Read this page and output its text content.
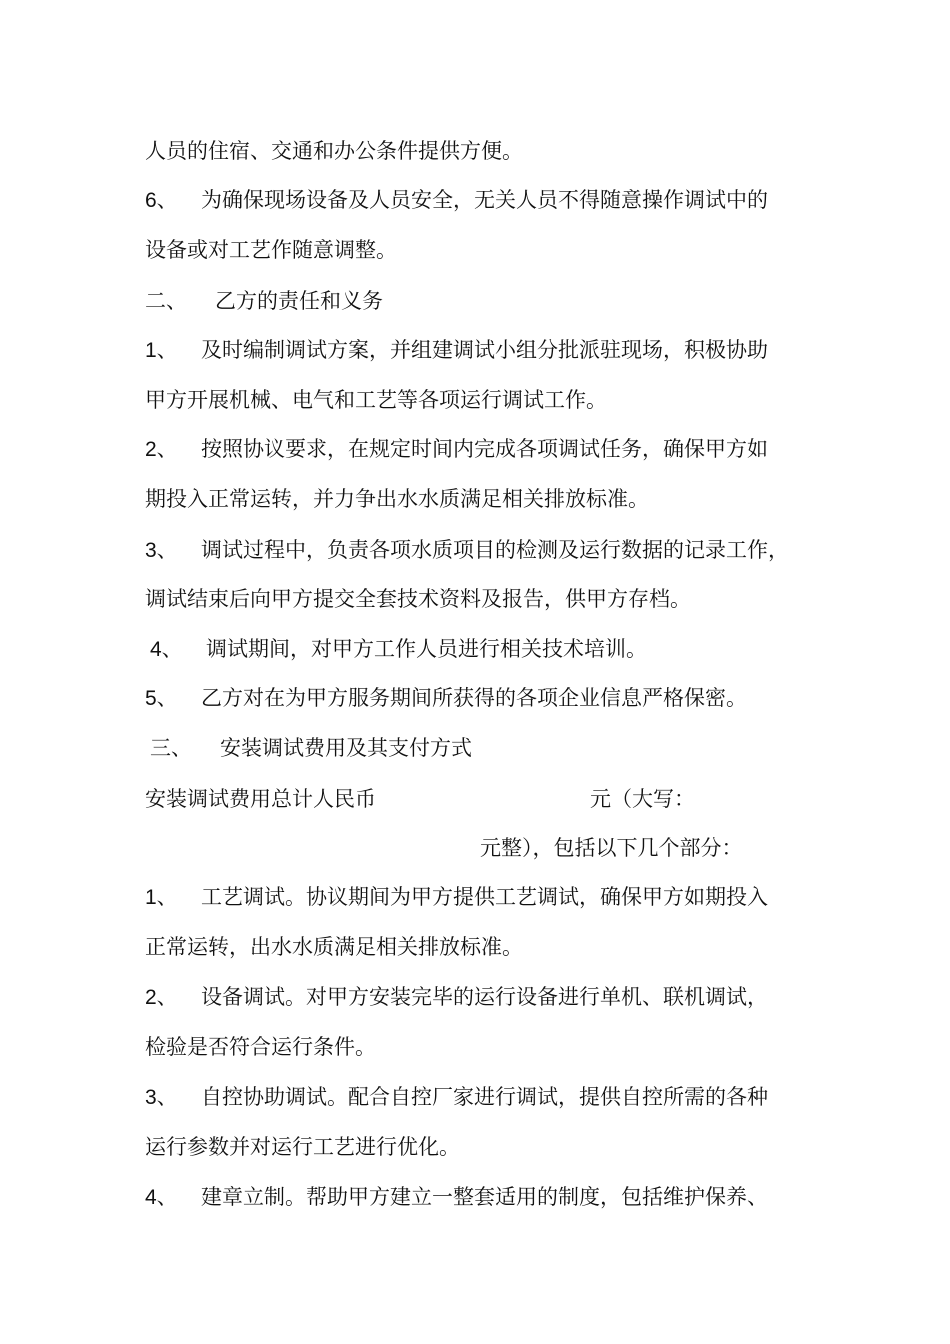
人员的住宿、交通和办公条件提供方便。
6、 为确保现场设备及人员安全，无关人员不得随意操作调试中的
设备或对工艺作随意调整。
二、 乙方的责任和义务
1、 及时编制调试方案，并组建调试小组分批派驻现场，积极协助
甲方开展机械、电气和工艺等各项运行调试工作。
2、 按照协议要求，在规定时间内完成各项调试任务，确保甲方如
期投入正常运转，并力争出水水质满足相关排放标准。
3、 调试过程中，负责各项水质项目的检测及运行数据的记录工作，
调试结束后向甲方提交全套技术资料及报告，供甲方存档。
4、 调试期间，对甲方工作人员进行相关技术培训。
5、 乙方对在为甲方服务期间所获得的各项企业信息严格保密。
三、 安装调试费用及其支付方式
安装调试费用总计人民币	元（大写：
元整），包括以下几个部分：
1、 工艺调试。协议期间为甲方提供工艺调试，确保甲方如期投入
正常运转，出水水质满足相关排放标准。
2、 设备调试。对甲方安装完毕的运行设备进行单机、联机调试，
检验是否符合运行条件。
3、 自控协助调试。配合自控厂家进行调试，提供自控所需的各种
运行参数并对运行工艺进行优化。
4、 建章立制。帮助甲方建立一整套适用的制度，包括维护保养、
